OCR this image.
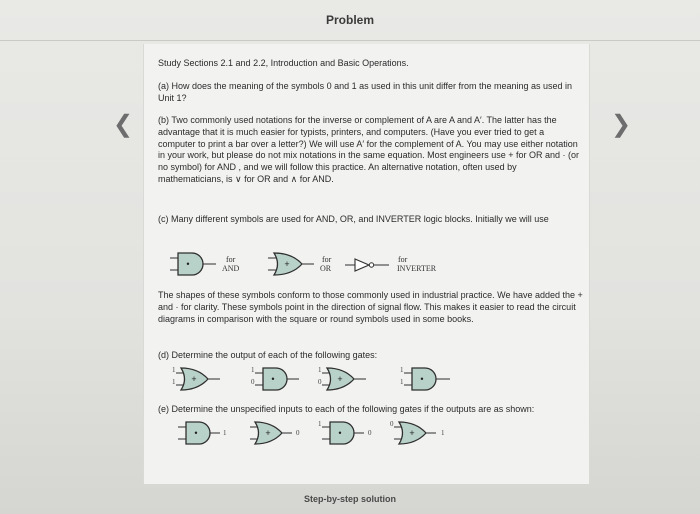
Problem
❮	❯

Study Sections 2.1 and 2.2, Introduction and Basic Operations.

(a) How does the meaning of the symbols 0 and 1 as used in this unit differ from the meaning as used in Unit 1?

(b) Two commonly used notations for the inverse or complement of A are A and A′. The latter has the advantage that it is much easier for typists, printers, and computers. (Have you ever tried to get a computer to print a bar over a letter?) We will use A′ for the complement of A. You may use either notation in your work, but please do not mix notations in the same equation. Most engineers use + for OR and · (or no symbol) for AND , and we will follow this practice. An alternative notation, often used by mathematicians, is ∨ for OR and ∧ for AND.

(c) Many different symbols are used for AND, OR, and INVERTER logic blocks. Initially we will use

•	for
AND	+	for
OR
for
INVERTER

The shapes of these symbols conform to those commonly used in industrial practice. We have added the + and · for clarity. These symbols point in the direction of signal flow. This makes it easier to read the circuit diagrams in comparison with the square or round symbols used in some books.

(d) Determine the output of each of the following gates:

1
1 +
1
0 •
1
0 +
1
1 •

(e) Determine the unspecified inputs to each of the following gates if the outputs are as shown:

•	1	+	0
1
•	0
0
+	1
Step-by-step solution
